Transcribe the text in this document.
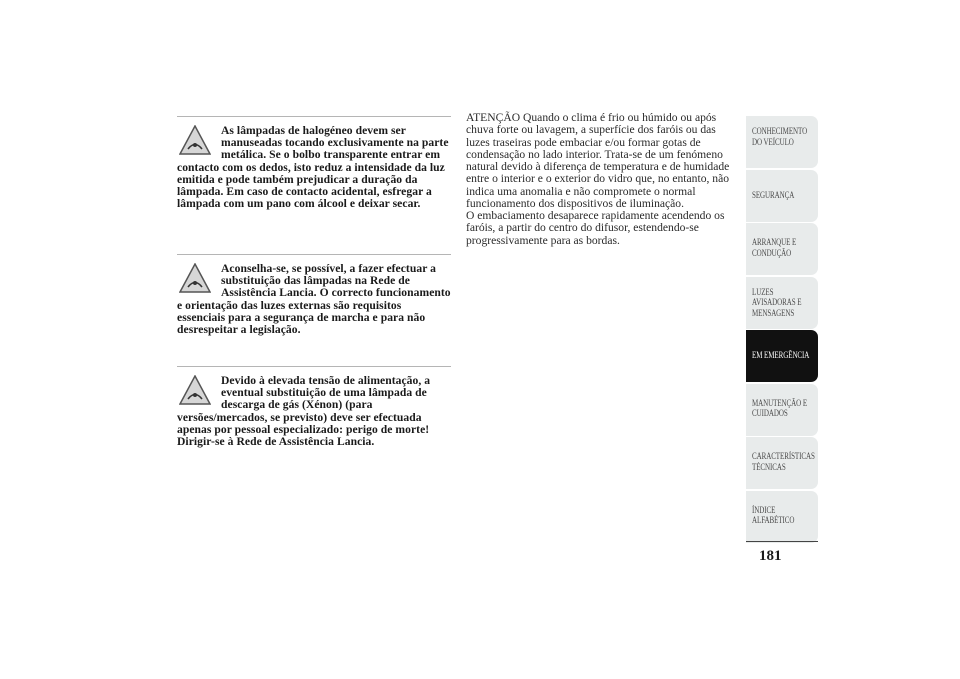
As lâmpadas de halogéneo devem ser manuseadas tocando exclusivamente na parte metálica. Se o bolbo transparente entrar em contacto com os dedos, isto reduz a intensidade da luz emitida e pode também prejudicar a duração da lâmpada. Em caso de contacto acidental, esfregar a lâmpada com um pano com álcool e deixar secar.

Aconselha-se, se possível, a fazer efectuar a substituição das lâmpadas na Rede de Assistência Lancia. O correcto funcionamento e orientação das luzes externas são requisitos essenciais para a segurança de marcha e para não desrespeitar a legislação.

Devido à elevada tensão de alimentação, a eventual substituição de uma lâmpada de descarga de gás (Xénon) (para versões/mercados, se previsto) deve ser efectuada apenas por pessoal especializado: perigo de morte! Dirigir-se à Rede de Assistência Lancia.

ATENÇÃO Quando o clima é frio ou húmido ou após chuva forte ou lavagem, a superfície dos faróis ou das luzes traseiras pode embaciar e/ou formar gotas de condensação no lado interior. Trata-se de um fenómeno natural devido à diferença de temperatura e de humidade entre o interior e o exterior do vidro que, no entanto, não indica uma anomalia e não compromete o normal funcionamento dos dispositivos de iluminação.

O embaciamento desaparece rapidamente acendendo os faróis, a partir do centro do difusor, estendendo-se progressivamente para as bordas.

CONHECIMENTO
DO VEÍCULO
SEGURANÇA
ARRANQUE E
CONDUÇÃO
LUZES
AVISADORAS E
MENSAGENS
EM EMERGÊNCIA
MANUTENÇÃO E
CUIDADOS
CARACTERÍSTICAS
TÉCNICAS
ÍNDICE
ALFABÉTICO
181
